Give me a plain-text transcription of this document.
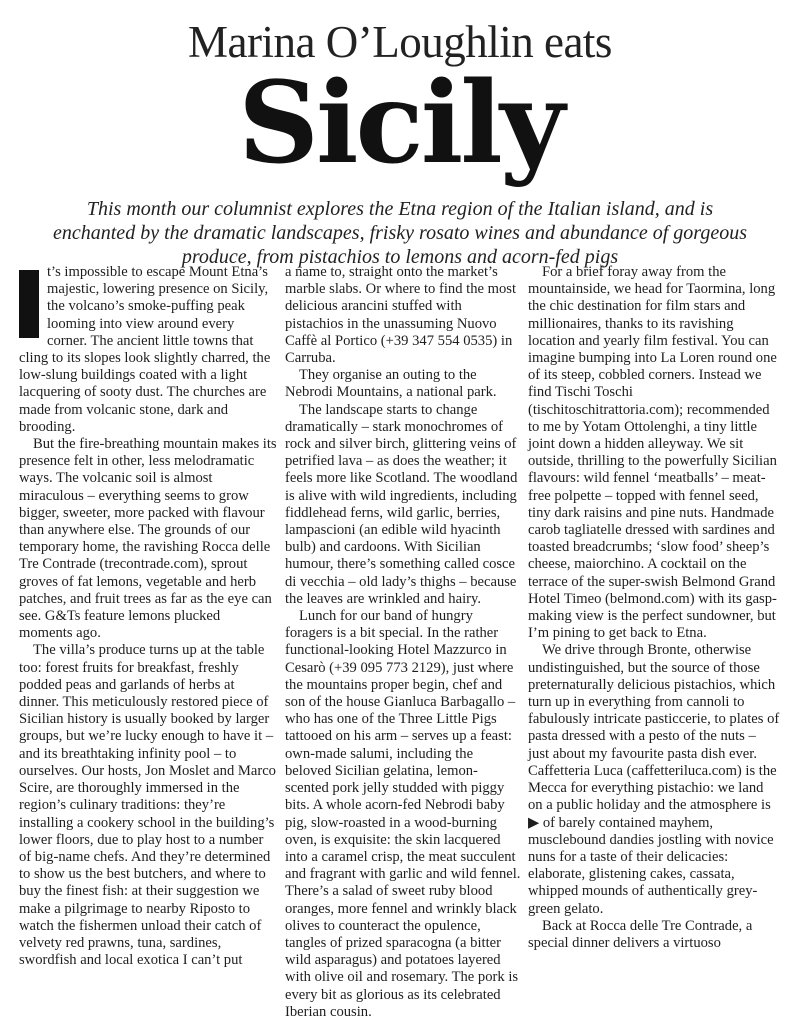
Marina O’Loughlin eats
Sicily
This month our columnist explores the Etna region of the Italian island, and is enchanted by the dramatic landscapes, frisky rosato wines and abundance of gorgeous produce, from pistachios to lemons and acorn-fed pigs

t’s impossible to escape Mount Etna’s majestic, lowering presence on Sicily, the volcano’s smoke-puffing peak looming into view around every corner. The ancient little towns that cling to its slopes look slightly charred, the low-slung buildings coated with a light lacquering of sooty dust. The churches are made from volcanic stone, dark and brooding.

But the fire-breathing mountain makes its presence felt in other, less melodramatic ways. The volcanic soil is almost miraculous – everything seems to grow bigger, sweeter, more packed with flavour than anywhere else. The grounds of our temporary home, the ravishing Rocca delle Tre Contrade (trecontrade.com), sprout groves of fat lemons, vegetable and herb patches, and fruit trees as far as the eye can see. G&Ts feature lemons plucked moments ago.

The villa’s produce turns up at the table too: forest fruits for breakfast, freshly podded peas and garlands of herbs at dinner. This meticulously restored piece of Sicilian history is usually booked by larger groups, but we’re lucky enough to have it – and its breathtaking infinity pool – to ourselves. Our hosts, Jon Moslet and Marco Scire, are thoroughly immersed in the region’s culinary traditions: they’re installing a cookery school in the building’s lower floors, due to play host to a number of big-name chefs. And they’re determined to show us the best butchers, and where to buy the finest fish: at their suggestion we make a pilgrimage to nearby Riposto to watch the fishermen unload their catch of velvety red prawns, tuna, sardines, swordfish and local exotica I can’t put

a name to, straight onto the market’s marble slabs. Or where to find the most delicious arancini stuffed with pistachios in the unassuming Nuovo Caffè al Portico (+39 347 554 0535) in Carruba.

They organise an outing to the Nebrodi Mountains, a national park.

The landscape starts to change dramatically – stark monochromes of rock and silver birch, glittering veins of petrified lava – as does the weather; it feels more like Scotland. The woodland is alive with wild ingredients, including fiddlehead ferns, wild garlic, berries, lampascioni (an edible wild hyacinth bulb) and cardoons. With Sicilian humour, there’s something called cosce di vecchia – old lady’s thighs – because the leaves are wrinkled and hairy.

Lunch for our band of hungry foragers is a bit special. In the rather functional-looking Hotel Mazzurco in Cesarò (+39 095 773 2129), just where the mountains proper begin, chef and son of the house Gianluca Barbagallo – who has one of the Three Little Pigs tattooed on his arm – serves up a feast: own-made salumi, including the beloved Sicilian gelatina, lemon-scented pork jelly studded with piggy bits. A whole acorn-fed Nebrodi baby pig, slow-roasted in a wood-burning oven, is exquisite: the skin lacquered into a caramel crisp, the meat succulent and fragrant with garlic and wild fennel. There’s a salad of sweet ruby blood oranges, more fennel and wrinkly black olives to counteract the opulence, tangles of prized sparacogna (a bitter wild asparagus) and potatoes layered with olive oil and rosemary. The pork is every bit as glorious as its celebrated Iberian cousin.

For a brief foray away from the mountainside, we head for Taormina, long the chic destination for film stars and millionaires, thanks to its ravishing location and yearly film festival. You can imagine bumping into La Loren round one of its steep, cobbled corners. Instead we find Tischi Toschi (tischitoschitrattoria.com); recommended to me by Yotam Ottolenghi, a tiny little joint down a hidden alleyway. We sit outside, thrilling to the powerfully Sicilian flavours: wild fennel ‘meatballs’ – meat-free polpette – topped with fennel seed, tiny dark raisins and pine nuts. Handmade carob tagliatelle dressed with sardines and toasted breadcrumbs; ‘slow food’ sheep’s cheese, maiorchino. A cocktail on the terrace of the super-swish Belmond Grand Hotel Timeo (belmond.com) with its gasp-making view is the perfect sundowner, but I’m pining to get back to Etna.

We drive through Bronte, otherwise undistinguished, but the source of those preternaturally delicious pistachios, which turn up in everything from cannoli to fabulously intricate pasticcerie, to plates of pasta dressed with a pesto of the nuts – just about my favourite pasta dish ever. Caffetteria Luca (caffetteriluca.com) is the Mecca for everything pistachio: we land on a public holiday and the atmosphere is ▶ of barely contained mayhem, musclebound dandies jostling with novice nuns for a taste of their delicacies: elaborate, glistening cakes, cassata, whipped mounds of authentically grey-green gelato.

Back at Rocca delle Tre Contrade, a special dinner delivers a virtuoso
